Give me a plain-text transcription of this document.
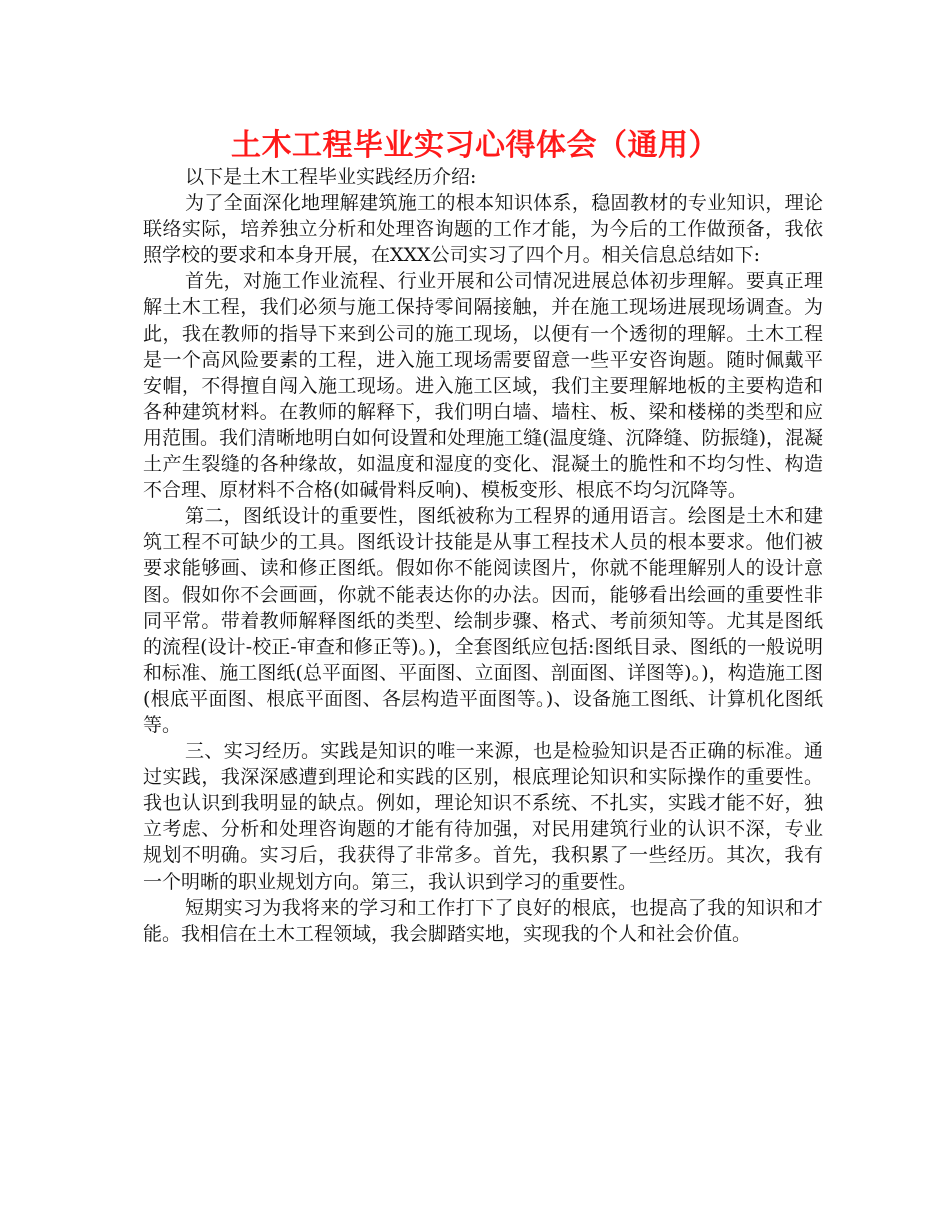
土木工程毕业实习心得体会（通用）

以下是土木工程毕业实践经历介绍:

为了全面深化地理解建筑施工的根本知识体系，稳固教材的专业知识，理论联络实际，培养独立分析和处理咨询题的工作才能，为今后的工作做预备，我依照学校的要求和本身开展，在XXX公司实习了四个月。相关信息总结如下:

首先，对施工作业流程、行业开展和公司情况进展总体初步理解。要真正理解土木工程，我们必须与施工保持零间隔接触，并在施工现场进展现场调查。为此，我在教师的指导下来到公司的施工现场，以便有一个透彻的理解。土木工程是一个高风险要素的工程，进入施工现场需要留意一些平安咨询题。随时佩戴平安帽，不得擅自闯入施工现场。进入施工区域，我们主要理解地板的主要构造和各种建筑材料。在教师的解释下，我们明白墙、墙柱、板、梁和楼梯的类型和应用范围。我们清晰地明白如何设置和处理施工缝(温度缝、沉降缝、防振缝)，混凝土产生裂缝的各种缘故，如温度和湿度的变化、混凝土的脆性和不均匀性、构造不合理、原材料不合格(如碱骨料反响)、模板变形、根底不均匀沉降等。

第二，图纸设计的重要性，图纸被称为工程界的通用语言。绘图是土木和建筑工程不可缺少的工具。图纸设计技能是从事工程技术人员的根本要求。他们被要求能够画、读和修正图纸。假如你不能阅读图片，你就不能理解别人的设计意图。假如你不会画画，你就不能表达你的办法。因而，能够看出绘画的重要性非同平常。带着教师解释图纸的类型、绘制步骤、格式、考前须知等。尤其是图纸的流程(设计-校正-审查和修正等)。)，全套图纸应包括:图纸目录、图纸的一般说明和标准、施工图纸(总平面图、平面图、立面图、剖面图、详图等)。)，构造施工图(根底平面图、根底平面图、各层构造平面图等。)、设备施工图纸、计算机化图纸等。

三、实习经历。实践是知识的唯一来源，也是检验知识是否正确的标准。通过实践，我深深感遭到理论和实践的区别，根底理论知识和实际操作的重要性。我也认识到我明显的缺点。例如，理论知识不系统、不扎实，实践才能不好，独立考虑、分析和处理咨询题的才能有待加强，对民用建筑行业的认识不深，专业规划不明确。实习后，我获得了非常多。首先，我积累了一些经历。其次，我有一个明晰的职业规划方向。第三，我认识到学习的重要性。

短期实习为我将来的学习和工作打下了良好的根底，也提高了我的知识和才能。我相信在土木工程领域，我会脚踏实地，实现我的个人和社会价值。
